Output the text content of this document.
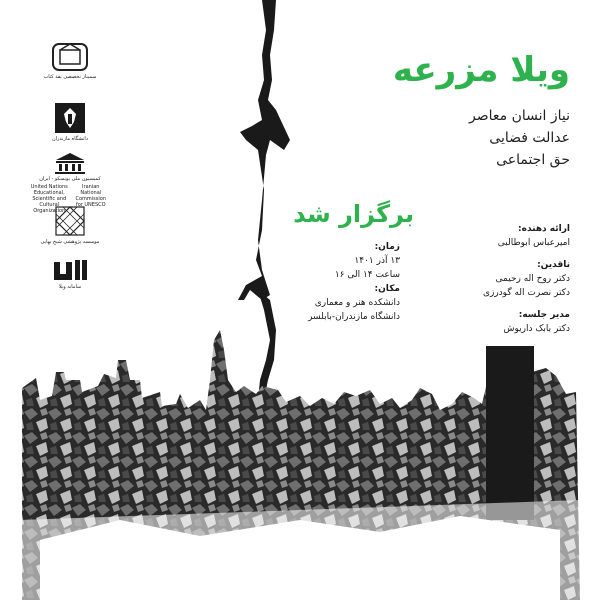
سمینار تخصصی نقد کتاب
دانشگاه مازندران
کمیسیون ملی یونسکو - ایران
United Nations Educational, Scientific and Cultural Organization
Iranian National Commission for UNESCO
موسسه پژوهشی شیخ بهایی
سامانه ویلا
ویلا مزرعه
نیاز انسان معاصر
عدالت فضایی
حق اجتماعی
برگزار شد
زمان:
۱۳ آذر ۱۴۰۱
ساعت ۱۴ الی ۱۶
مکان:
دانشکده هنر و معماری
دانشگاه مازندران-بابلسر
ارائه دهنده:
امیرعباس ابوطالبی
ناقدین:
دکتر روح اله رحیمی
دکتر نصرت اله گودرزی
مدیر جلسه:
دکتر بابک داریوش
